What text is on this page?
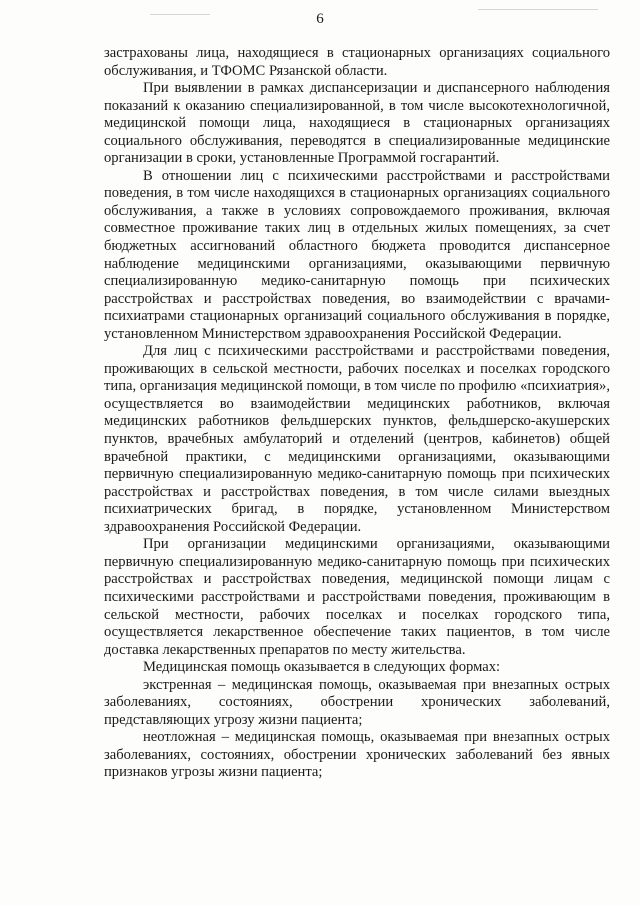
6

застрахованы лица, находящиеся в стационарных организациях социального обслуживания, и ТФОМС Рязанской области.

При выявлении в рамках диспансеризации и диспансерного наблюдения показаний к оказанию специализированной, в том числе высокотехнологичной, медицинской помощи лица, находящиеся в стационарных организациях социального обслуживания, переводятся в специализированные медицинские организации в сроки, установленные Программой госгарантий.

В отношении лиц с психическими расстройствами и расстройствами поведения, в том числе находящихся в стационарных организациях социального обслуживания, а также в условиях сопровождаемого проживания, включая совместное проживание таких лиц в отдельных жилых помещениях, за счет бюджетных ассигнований областного бюджета проводится диспансерное наблюдение медицинскими организациями, оказывающими первичную специализированную медико-санитарную помощь при психических расстройствах и расстройствах поведения, во взаимодействии с врачами-психиатрами стационарных организаций социального обслуживания в порядке, установленном Министерством здравоохранения Российской Федерации.

Для лиц с психическими расстройствами и расстройствами поведения, проживающих в сельской местности, рабочих поселках и поселках городского типа, организация медицинской помощи, в том числе по профилю «психиатрия», осуществляется во взаимодействии медицинских работников, включая медицинских работников фельдшерских пунктов, фельдшерско-акушерских пунктов, врачебных амбулаторий и отделений (центров, кабинетов) общей врачебной практики, с медицинскими организациями, оказывающими первичную специализированную медико-санитарную помощь при психических расстройствах и расстройствах поведения, в том числе силами выездных психиатрических бригад, в порядке, установленном Министерством здравоохранения Российской Федерации.

При организации медицинскими организациями, оказывающими первичную специализированную медико-санитарную помощь при психических расстройствах и расстройствах поведения, медицинской помощи лицам с психическими расстройствами и расстройствами поведения, проживающим в сельской местности, рабочих поселках и поселках городского типа, осуществляется лекарственное обеспечение таких пациентов, в том числе доставка лекарственных препаратов по месту жительства.

Медицинская помощь оказывается в следующих формах:

экстренная – медицинская помощь, оказываемая при внезапных острых заболеваниях, состояниях, обострении хронических заболеваний, представляющих угрозу жизни пациента;

неотложная – медицинская помощь, оказываемая при внезапных острых заболеваниях, состояниях, обострении хронических заболеваний без явных признаков угрозы жизни пациента;
